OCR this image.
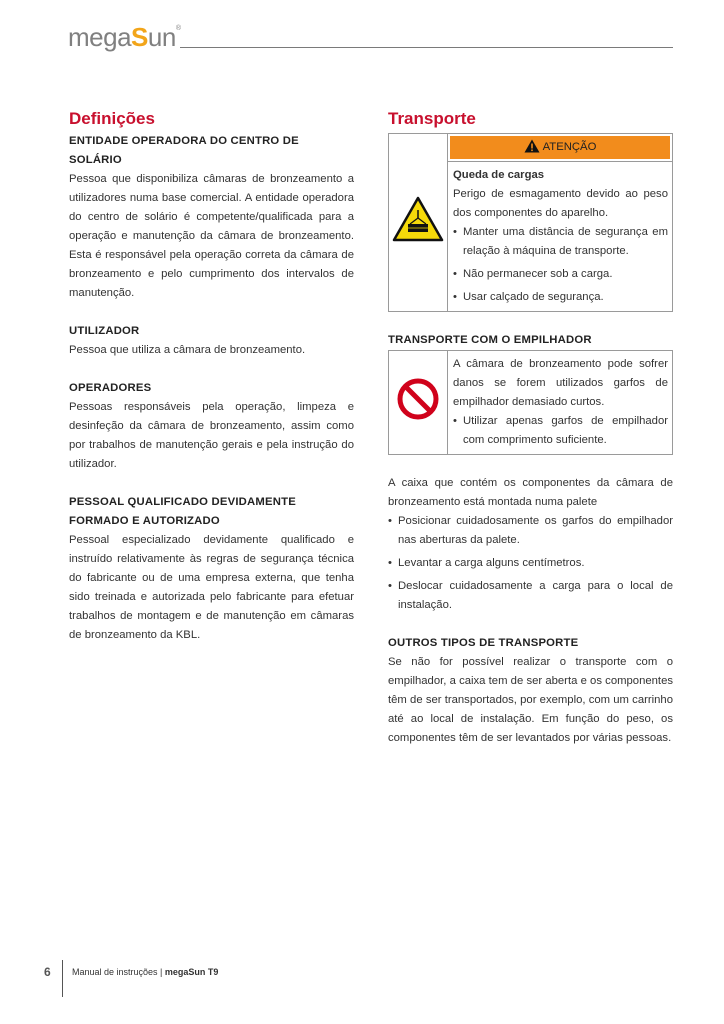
megaSun®
Definições
ENTIDADE OPERADORA DO CENTRO DE
SOLÁRIO

Pessoa que disponibiliza câmaras de bronzeamento a utilizadores numa base comercial. A entidade operadora do centro de solário é competente/qualificada para a operação e manutenção da câmara de bronzeamento. Esta é responsável pela operação correta da câmara de bronzeamento e pelo cumprimento dos intervalos de manutenção.

UTILIZADOR

Pessoa que utiliza a câmara de bronzeamento.

OPERADORES

Pessoas responsáveis pela operação, limpeza e desinfeção da câmara de bronzeamento, assim como por trabalhos de manutenção gerais e pela instrução do utilizador.

PESSOAL QUALIFICADO DEVIDAMENTE
FORMADO E AUTORIZADO

Pessoal especializado devidamente qualificado e instruído relativamente às regras de segurança técnica do fabricante ou de uma empresa externa, que tenha sido treinada e autorizada pelo fabricante para efetuar trabalhos de montagem e de manutenção em câmaras de bronzeamento da KBL.

Transporte

ATENÇÃO
Queda de cargas

Perigo de esmagamento devido ao peso dos componentes do aparelho.

• Manter uma distância de segurança em relação à máquina de transporte.
• Não permanecer sob a carga.
• Usar calçado de segurança.
TRANSPORTE COM O EMPILHADOR

A câmara de bronzeamento pode sofrer danos se forem utilizados garfos de empilhador demasiado curtos.

• Utilizar apenas garfos de empilhador com comprimento suficiente.

A caixa que contém os componentes da câmara de bronzeamento está montada numa palete

• Posicionar cuidadosamente os garfos do empilhador nas aberturas da palete.
• Levantar a carga alguns centímetros.
• Deslocar cuidadosamente a carga para o local de instalação.
OUTROS TIPOS DE TRANSPORTE

Se não for possível realizar o transporte com o empilhador, a caixa tem de ser aberta e os componentes têm de ser transportados, por exemplo, com um carrinho até ao local de instalação. Em função do peso, os componentes têm de ser levantados por várias pessoas.

6 Manual de instruções | megaSun T9
